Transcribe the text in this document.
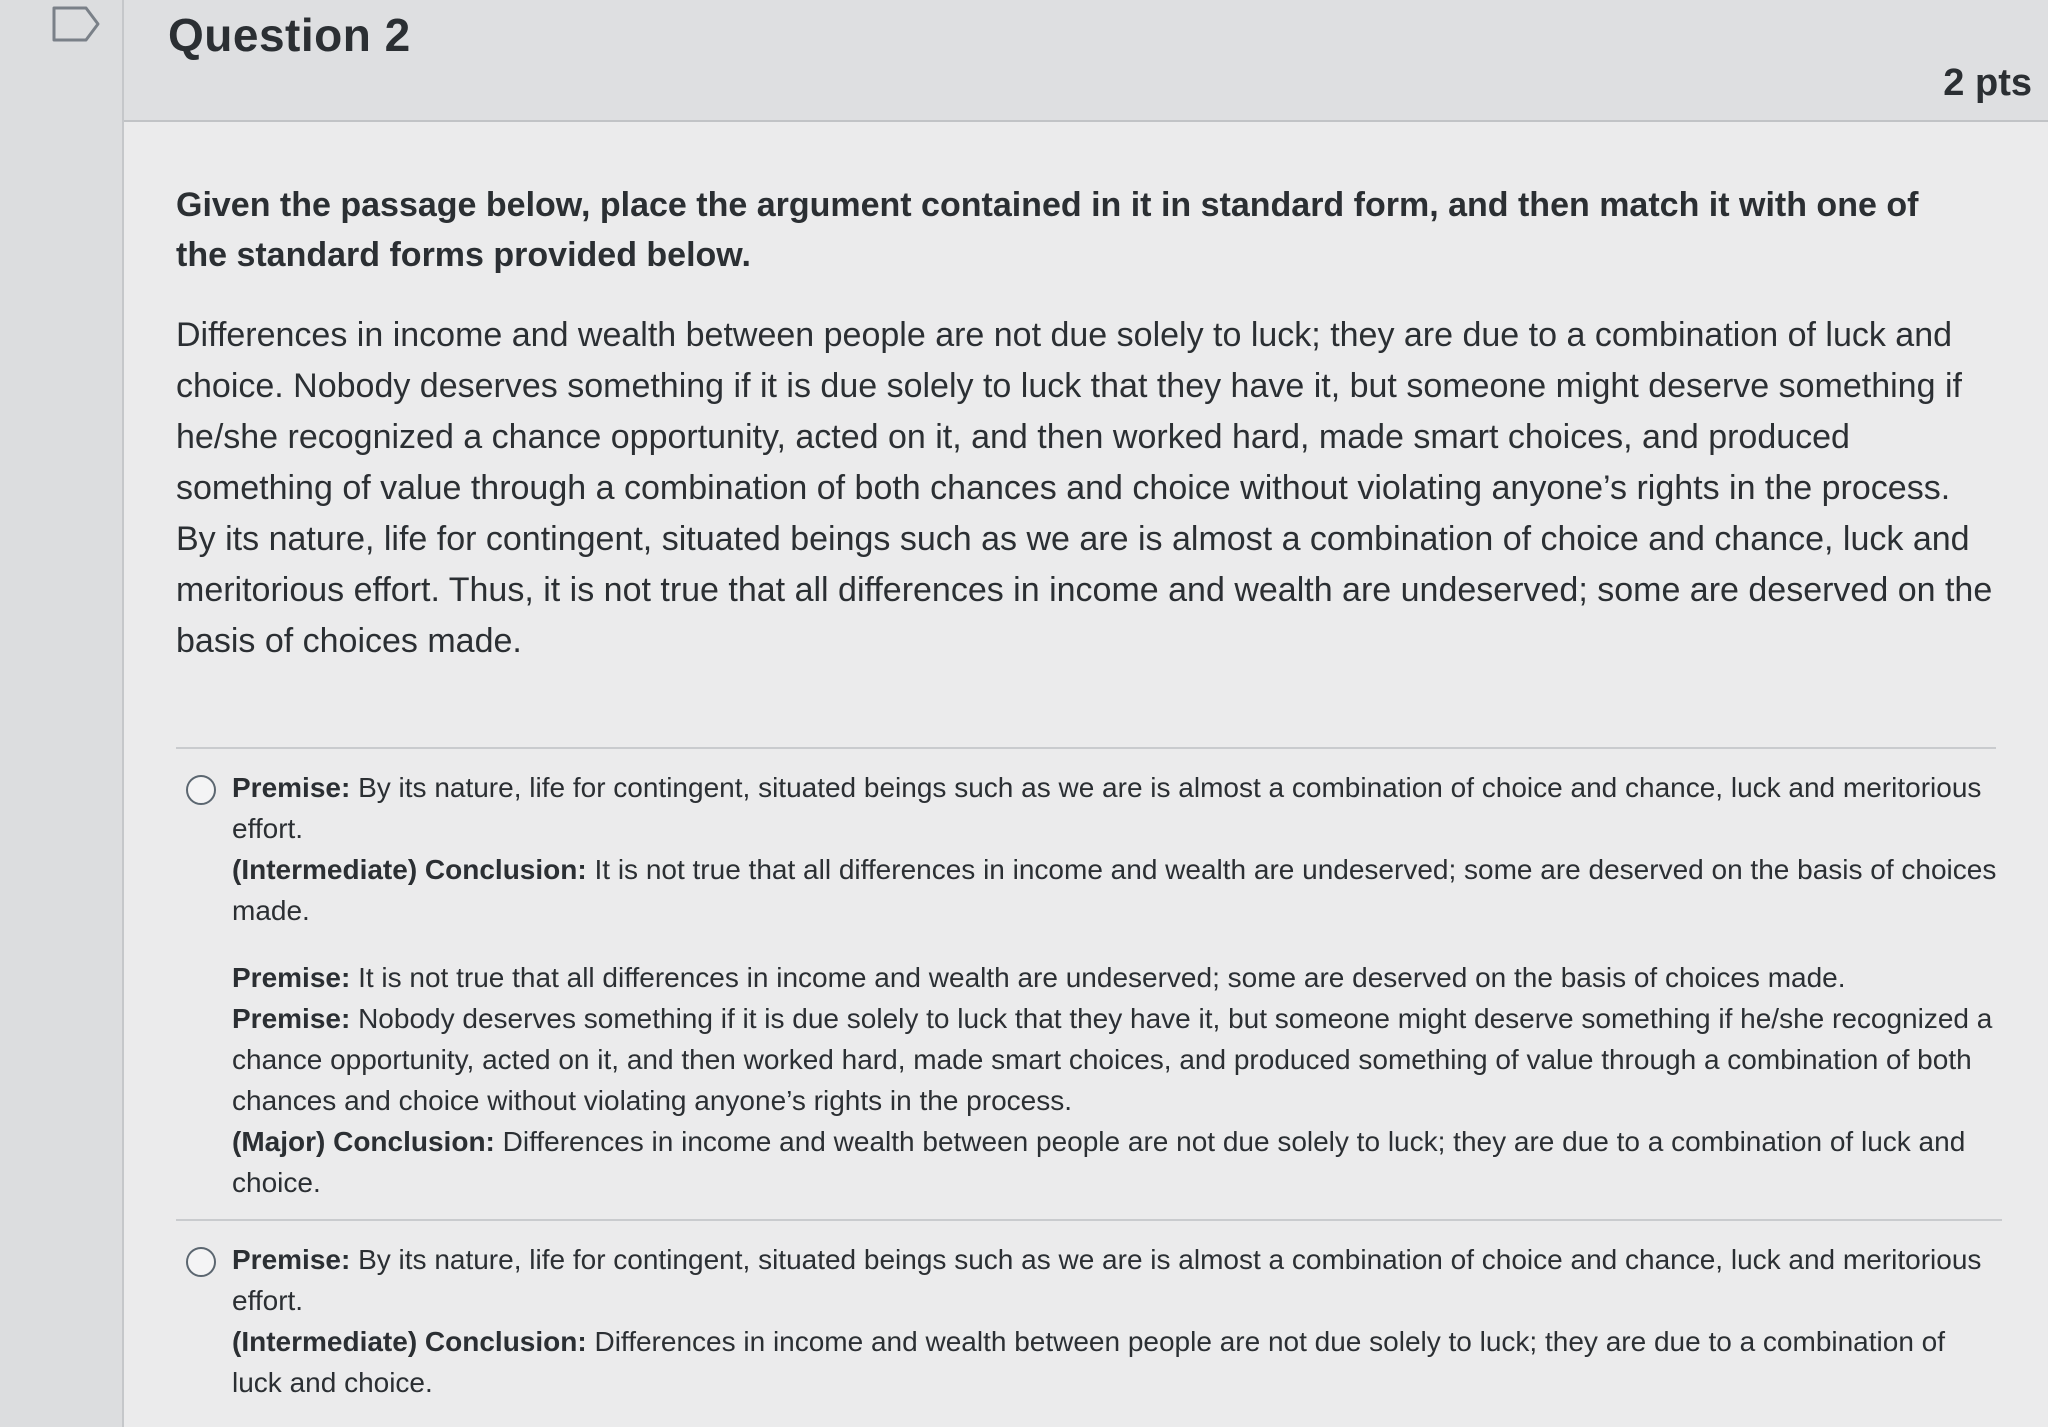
Question 2
2 pts

Given the passage below, place the argument contained in it in standard form, and then match it with one of the standard forms provided below.

Differences in income and wealth between people are not due solely to luck; they are due to a combination of luck and choice. Nobody deserves something if it is due solely to luck that they have it, but someone might deserve something if he/she recognized a chance opportunity, acted on it, and then worked hard, made smart choices, and produced something of value through a combination of both chances and choice without violating anyone’s rights in the process. By its nature, life for contingent, situated beings such as we are is almost a combination of choice and chance, luck and meritorious effort. Thus, it is not true that all differences in income and wealth are undeserved; some are deserved on the basis of choices made.

Premise: By its nature, life for contingent, situated beings such as we are is almost a combination of choice and chance, luck and meritorious effort.

(Intermediate) Conclusion: It is not true that all differences in income and wealth are undeserved; some are deserved on the basis of choices made.

Premise: It is not true that all differences in income and wealth are undeserved; some are deserved on the basis of choices made.

Premise: Nobody deserves something if it is due solely to luck that they have it, but someone might deserve something if he/she recognized a chance opportunity, acted on it, and then worked hard, made smart choices, and produced something of value through a combination of both chances and choice without violating anyone’s rights in the process.

(Major) Conclusion: Differences in income and wealth between people are not due solely to luck; they are due to a combination of luck and choice.

Premise: By its nature, life for contingent, situated beings such as we are is almost a combination of choice and chance, luck and meritorious effort.

(Intermediate) Conclusion: Differences in income and wealth between people are not due solely to luck; they are due to a combination of luck and choice.
